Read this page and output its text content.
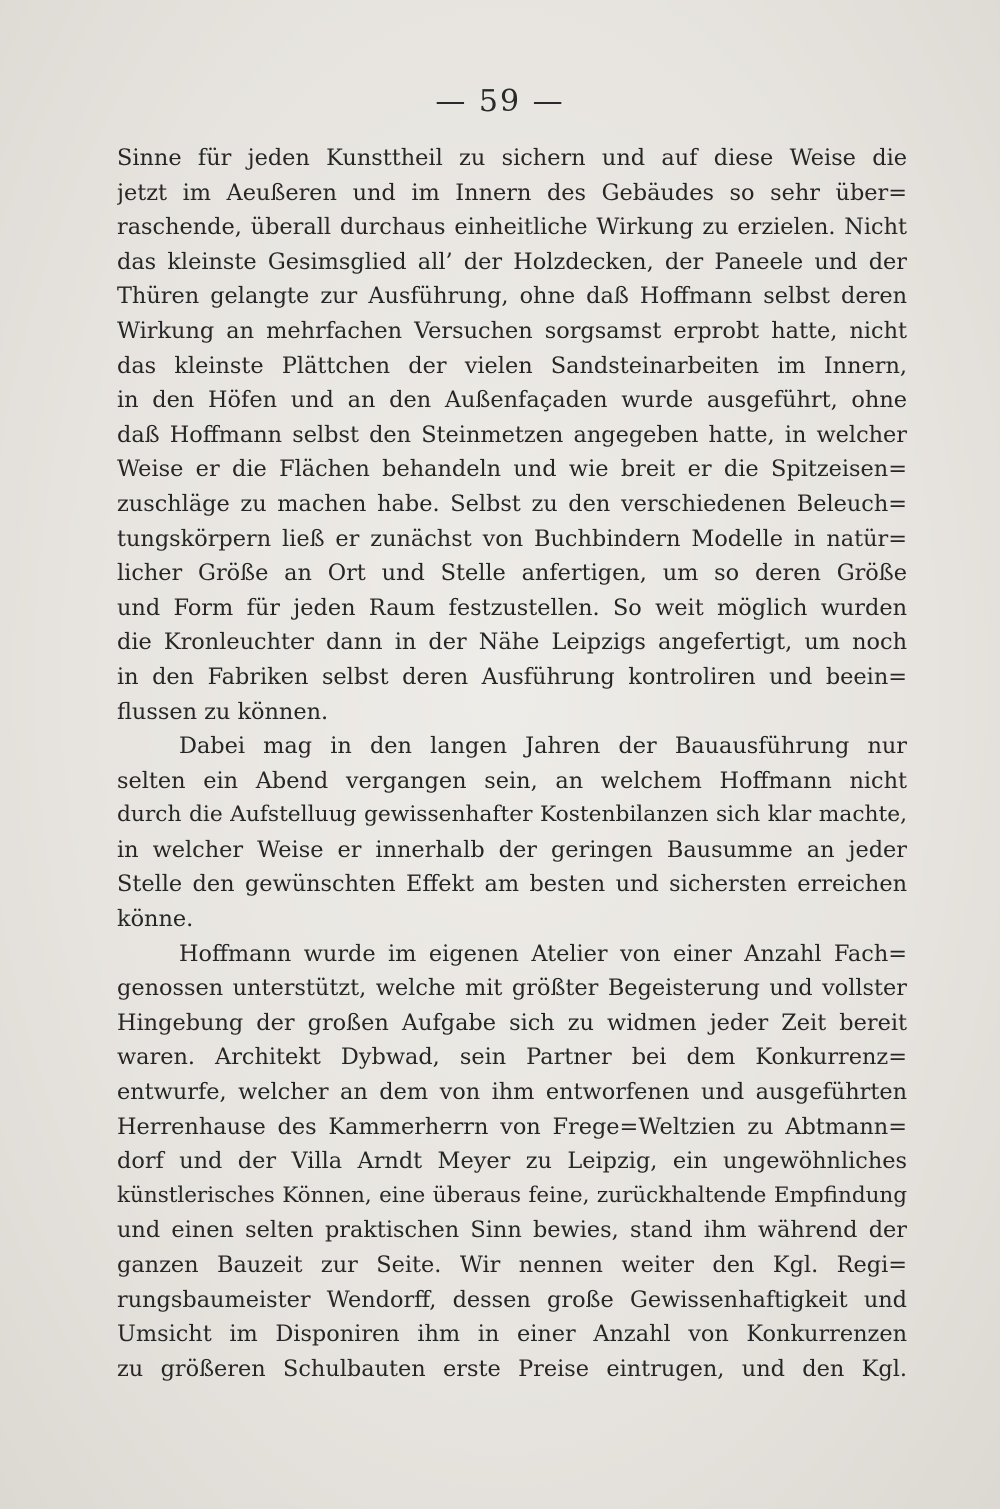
— 59 —
Sinne für jeden Kunsttheil zu sichern und auf diese Weise die
jetzt im Aeußeren und im Innern des Gebäudes so sehr über=
raschende, überall durchaus einheitliche Wirkung zu erzielen. Nicht
das kleinste Gesimsglied all’ der Holzdecken, der Paneele und der
Thüren gelangte zur Ausführung, ohne daß Hoffmann selbst deren
Wirkung an mehrfachen Versuchen sorgsamst erprobt hatte, nicht
das kleinste Plättchen der vielen Sandsteinarbeiten im Innern,
in den Höfen und an den Außenfaçaden wurde ausgeführt, ohne
daß Hoffmann selbst den Steinmetzen angegeben hatte, in welcher
Weise er die Flächen behandeln und wie breit er die Spitzeisen=
zuschläge zu machen habe. Selbst zu den verschiedenen Beleuch=
tungskörpern ließ er zunächst von Buchbindern Modelle in natür=
licher Größe an Ort und Stelle anfertigen, um so deren Größe
und Form für jeden Raum festzustellen. So weit möglich wurden
die Kronleuchter dann in der Nähe Leipzigs angefertigt, um noch
in den Fabriken selbst deren Ausführung kontroliren und beein=
flussen zu können.
Dabei mag in den langen Jahren der Bauausführung nur
selten ein Abend vergangen sein, an welchem Hoffmann nicht
durch die Aufstelluug gewissenhafter Kostenbilanzen sich klar machte,
in welcher Weise er innerhalb der geringen Bausumme an jeder
Stelle den gewünschten Effekt am besten und sichersten erreichen
könne.
Hoffmann wurde im eigenen Atelier von einer Anzahl Fach=
genossen unterstützt, welche mit größter Begeisterung und vollster
Hingebung der großen Aufgabe sich zu widmen jeder Zeit bereit
waren. Architekt Dybwad, sein Partner bei dem Konkurrenz=
entwurfe, welcher an dem von ihm entworfenen und ausgeführten
Herrenhause des Kammerherrn von Frege=Weltzien zu Abtmann=
dorf und der Villa Arndt Meyer zu Leipzig, ein ungewöhnliches
künstlerisches Können, eine überaus feine, zurückhaltende Empfindung
und einen selten praktischen Sinn bewies, stand ihm während der
ganzen Bauzeit zur Seite. Wir nennen weiter den Kgl. Regi=
rungsbaumeister Wendorff, dessen große Gewissenhaftigkeit und
Umsicht im Disponiren ihm in einer Anzahl von Konkurrenzen
zu größeren Schulbauten erste Preise eintrugen, und den Kgl.
